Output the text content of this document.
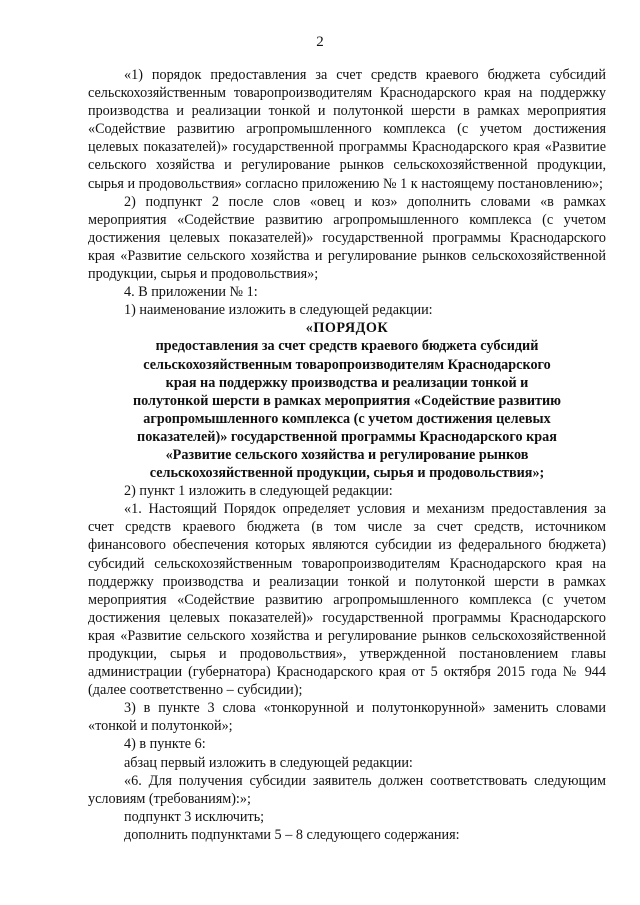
2

«1) порядок предоставления за счет средств краевого бюджета субсидий сельскохозяйственным товаропроизводителям Краснодарского края на поддержку производства и реализации тонкой и полутонкой шерсти в рамках мероприятия «Содействие развитию агропромышленного комплекса (с учетом достижения целевых показателей)» государственной программы Краснодарского края «Развитие сельского хозяйства и регулирование рынков сельскохозяйственной продукции, сырья и продовольствия» согласно приложению № 1 к настоящему постановлению»;

2) подпункт 2 после слов «овец и коз» дополнить словами «в рамках мероприятия «Содействие развитию агропромышленного комплекса (с учетом достижения целевых показателей)» государственной программы Краснодарского края «Развитие сельского хозяйства и регулирование рынков сельскохозяйственной продукции, сырья и продовольствия»;

4. В приложении № 1:

1) наименование изложить в следующей редакции:

«ПОРЯДОК

предоставления за счет средств краевого бюджета субсидий

сельскохозяйственным товаропроизводителям Краснодарского

края на поддержку производства и реализации тонкой и

полутонкой шерсти в рамках мероприятия «Содействие развитию

агропромышленного комплекса (с учетом достижения целевых

показателей)» государственной программы Краснодарского края

«Развитие сельского хозяйства и регулирование рынков

сельскохозяйственной продукции, сырья и продовольствия»;

2) пункт 1 изложить в следующей редакции:

«1. Настоящий Порядок определяет условия и механизм предоставления за счет средств краевого бюджета (в том числе за счет средств, источником финансового обеспечения которых являются субсидии из федерального бюджета) субсидий сельскохозяйственным товаропроизводителям Краснодарского края на поддержку производства и реализации тонкой и полутонкой шерсти в рамках мероприятия «Содействие развитию агропромышленного комплекса (с учетом достижения целевых показателей)» государственной программы Краснодарского края «Развитие сельского хозяйства и регулирование рынков сельскохозяйственной продукции, сырья и продовольствия», утвержденной постановлением главы администрации (губернатора) Краснодарского края от 5 октября 2015 года № 944 (далее соответственно – субсидии);

3) в пункте 3 слова «тонкорунной и полутонкорунной» заменить словами «тонкой и полутонкой»;

4) в пункте 6:

абзац первый изложить в следующей редакции:

«6. Для получения субсидии заявитель должен соответствовать следующим условиям (требованиям):»;

подпункт 3 исключить;

дополнить подпунктами 5 – 8 следующего содержания:
